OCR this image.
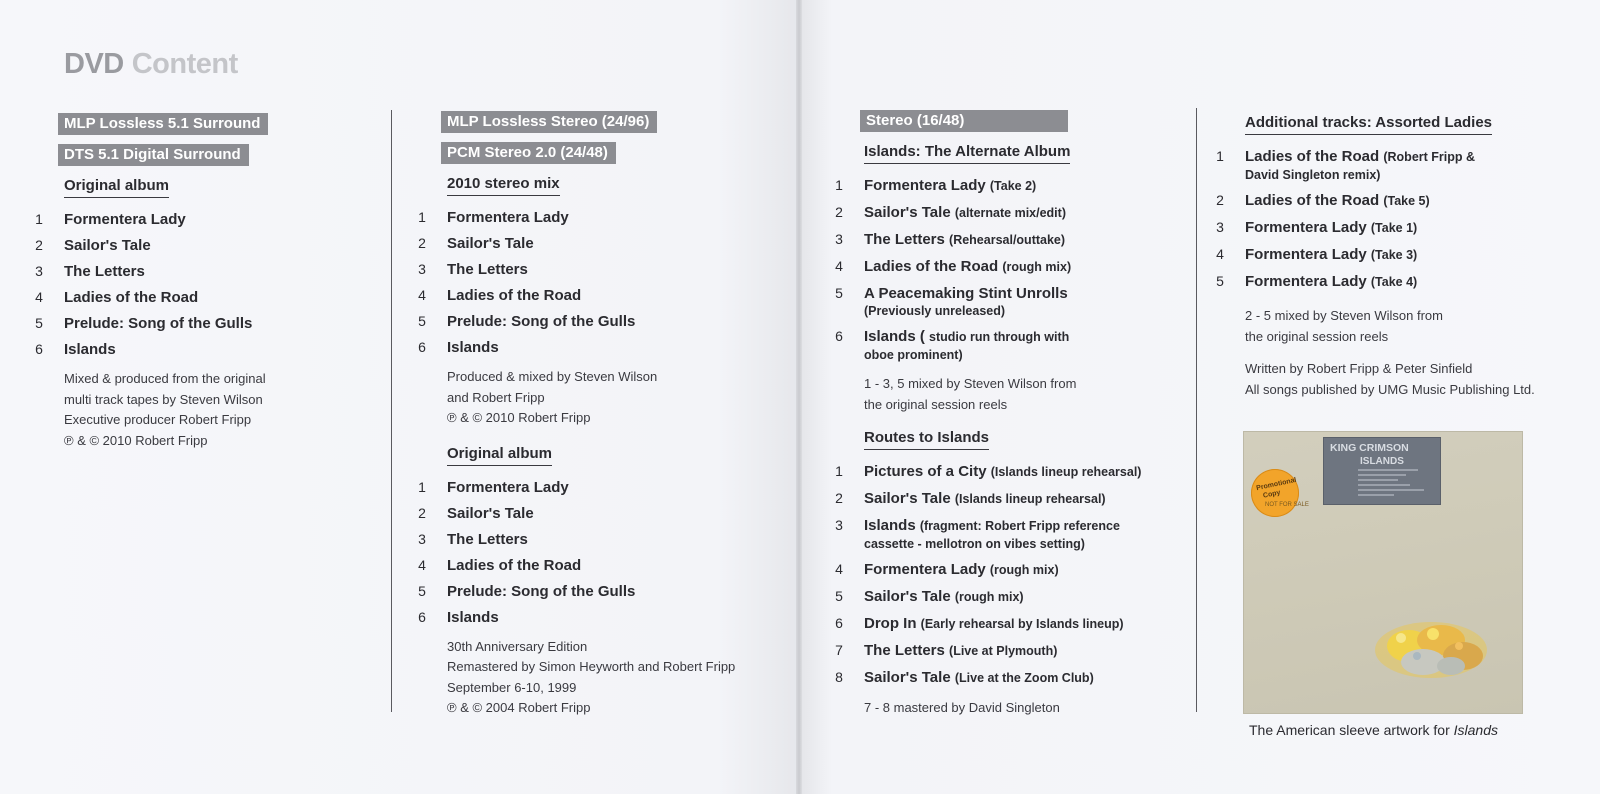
DVD Content
MLP Lossless 5.1 Surround
DTS 5.1 Digital Surround
Original album
1 Formentera Lady
2 Sailor's Tale
3 The Letters
4 Ladies of the Road
5 Prelude: Song of the Gulls
6 Islands
Mixed & produced from the original
multi track tapes by Steven Wilson
Executive producer Robert Fripp
℗ & © 2010 Robert Fripp
MLP Lossless Stereo (24/96)
PCM Stereo 2.0 (24/48)
2010 stereo mix
1 Formentera Lady
2 Sailor's Tale
3 The Letters
4 Ladies of the Road
5 Prelude: Song of the Gulls
6 Islands
Produced & mixed by Steven Wilson
and Robert Fripp
℗ & © 2010 Robert Fripp
Original album
1 Formentera Lady
2 Sailor's Tale
3 The Letters
4 Ladies of the Road
5 Prelude: Song of the Gulls
6 Islands
30th Anniversary Edition
Remastered by Simon Heyworth and Robert Fripp
September 6-10, 1999
℗ & © 2004 Robert Fripp
Stereo (16/48)
Islands: The Alternate Album
1 Formentera Lady (Take 2)
2 Sailor's Tale (alternate mix/edit)
3 The Letters (Rehearsal/outtake)
4 Ladies of the Road (rough mix)
5 A Peacemaking Stint Unrolls
(Previously unreleased)
6 Islands ( studio run through with
oboe prominent)
1 - 3, 5 mixed by Steven Wilson from
the original session reels
Routes to Islands
1 Pictures of a City (Islands lineup rehearsal)
2 Sailor's Tale (Islands lineup rehearsal)
3 Islands (fragment: Robert Fripp reference
cassette - mellotron on vibes setting)
4 Formentera Lady (rough mix)
5 Sailor's Tale (rough mix)
6 Drop In (Early rehearsal by Islands lineup)
7 The Letters (Live at Plymouth)
8 Sailor's Tale (Live at the Zoom Club)
7 - 8 mastered by David Singleton
Additional tracks: Assorted Ladies
1 Ladies of the Road (Robert Fripp &
David Singleton remix)
2 Ladies of the Road (Take 5)
3 Formentera Lady (Take 1)
4 Formentera Lady (Take 3)
5 Formentera Lady (Take 4)
2 - 5 mixed by Steven Wilson from
the original session reels
Written by Robert Fripp & Peter Sinfield
All songs published by UMG Music Publishing Ltd.
KING CRIMSON
ISLANDS
Promotional
Copy
NOT FOR SALE
The American sleeve artwork for Islands
